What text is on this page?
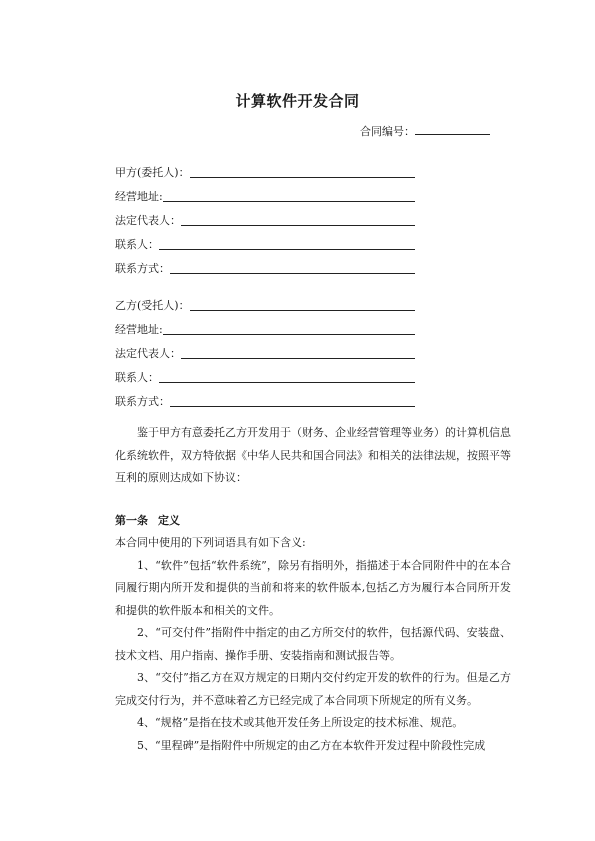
计算软件开发合同
合同编号：
甲方(委托人)：
经营地址:
法定代表人：
联系人：
联系方式：
乙方(受托人)：
经营地址:
法定代表人：
联系人：
联系方式：

鉴于甲方有意委托乙方开发用于（财务、企业经营管理等业务）的计算机信息化系统软件，双方特依据《中华人民共和国合同法》和相关的法律法规，按照平等互利的原则达成如下协议：

第一条 定义

本合同中使用的下列词语具有如下含义:

1、“软件”包括“软件系统”，除另有指明外，指描述于本合同附件中的在本合同履行期内所开发和提供的当前和将来的软件版本,包括乙方为履行本合同所开发和提供的软件版本和相关的文件。

2、“可交付件”指附件中指定的由乙方所交付的软件，包括源代码、安装盘、技术文档、用户指南、操作手册、安装指南和测试报告等。

3、“交付”指乙方在双方规定的日期内交付约定开发的软件的行为。但是乙方完成交付行为，并不意味着乙方已经完成了本合同项下所规定的所有义务。

4、“规格”是指在技术或其他开发任务上所设定的技术标准、规范。

5、“里程碑”是指附件中所规定的由乙方在本软件开发过程中阶段性完成
